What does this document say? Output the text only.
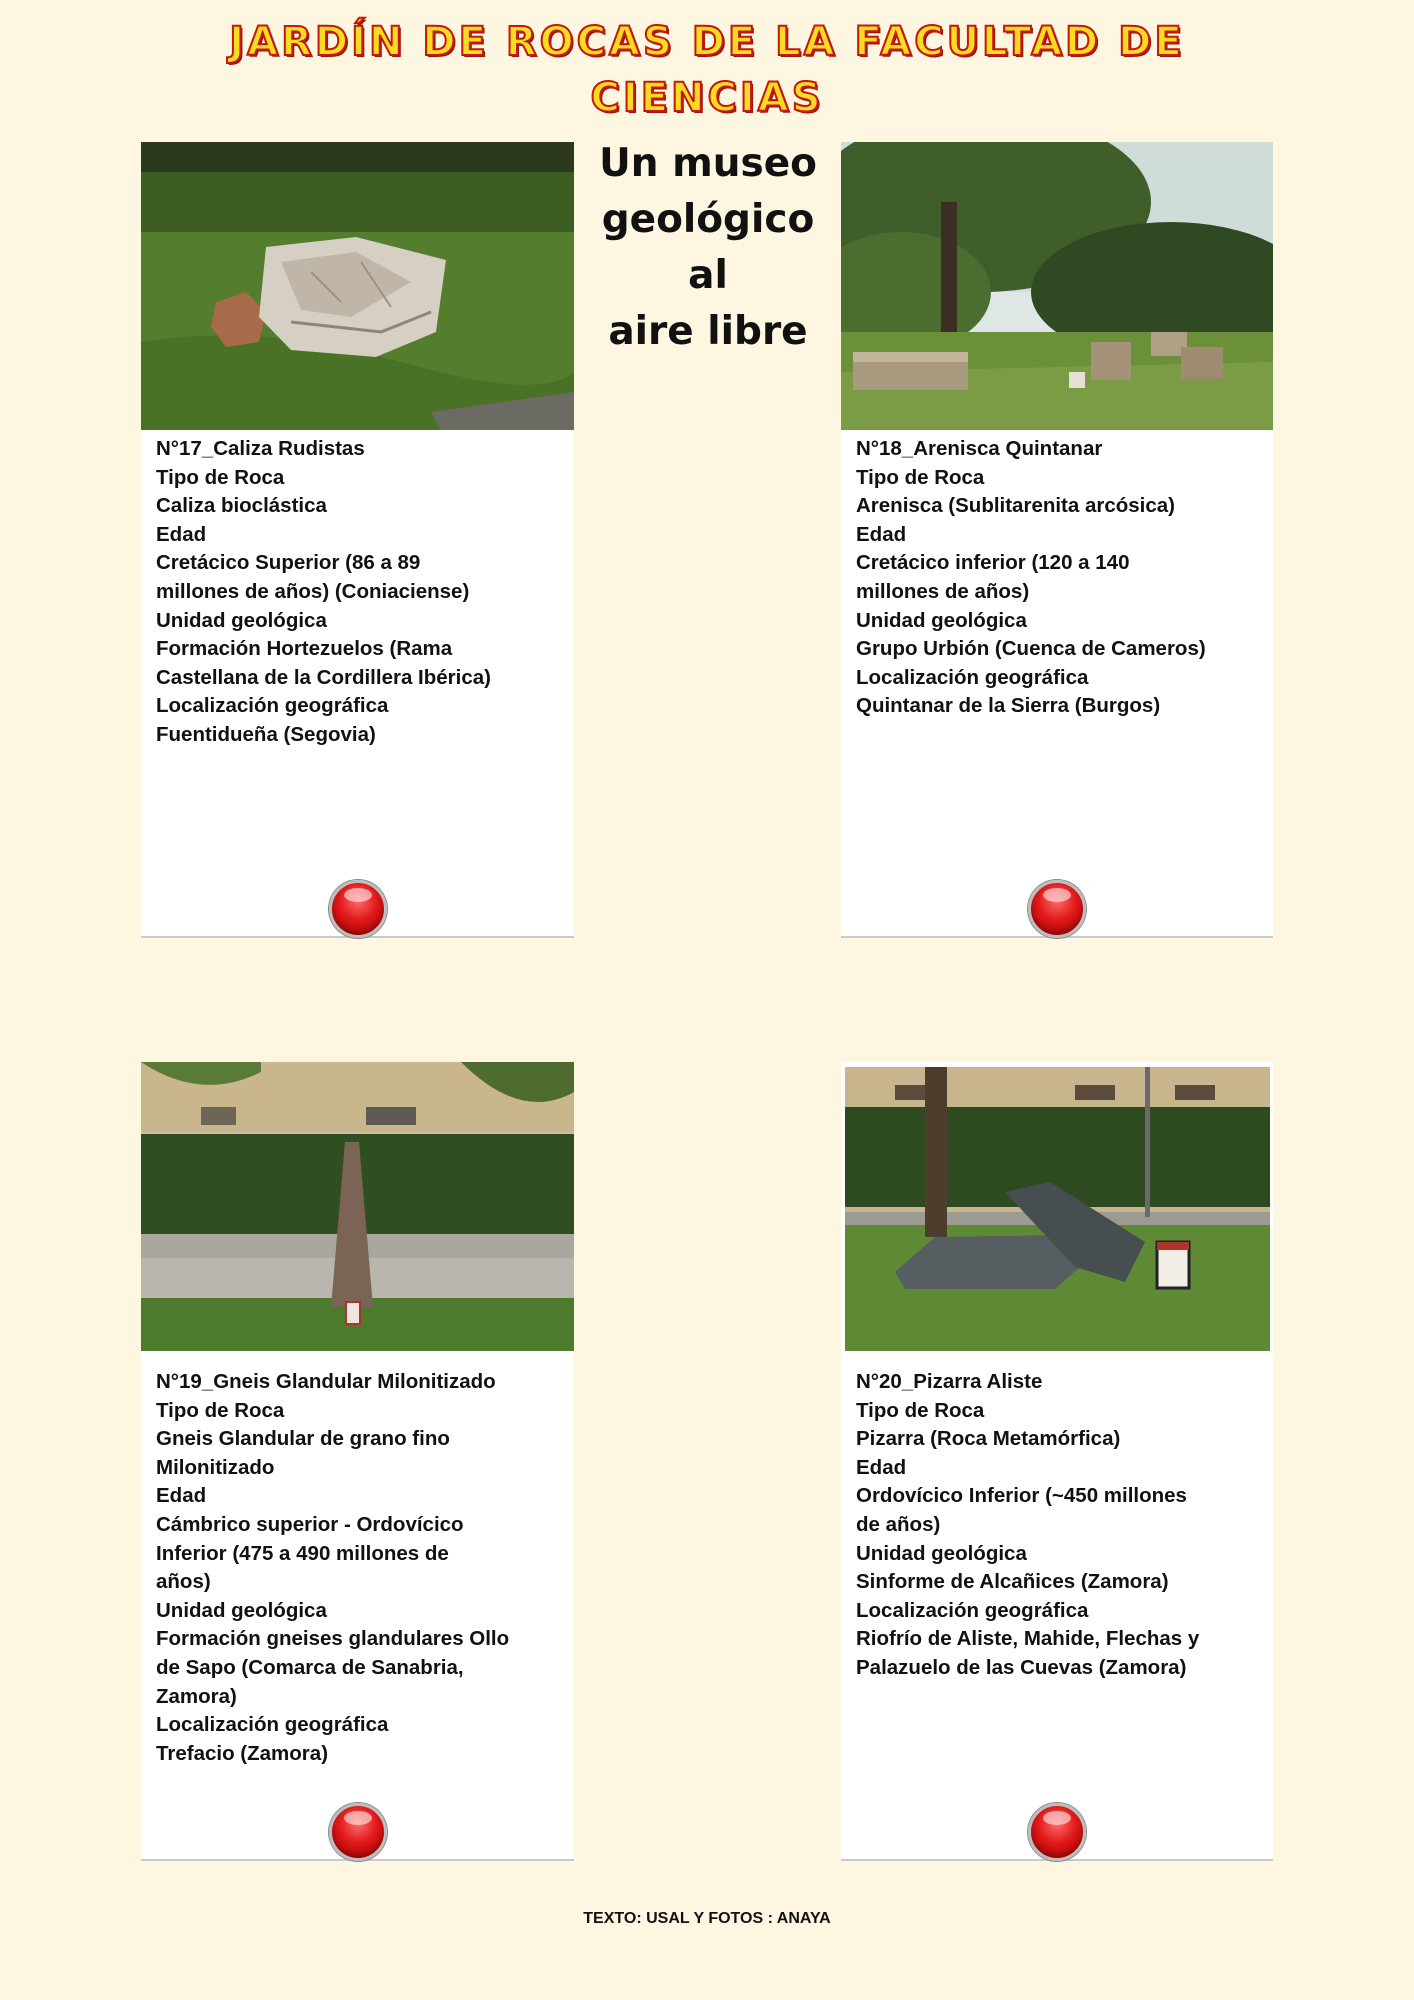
JARDÍN DE ROCAS DE LA FACULTAD DE
CIENCIAS
Un museo
geológico al
aire libre
N°17_Caliza Rudistas
Tipo de Roca
Caliza bioclástica
Edad
Cretácico Superior (86 a 89
millones de años) (Coniaciense)
Unidad geológica
Formación Hortezuelos (Rama
Castellana de la Cordillera Ibérica)
Localización geográfica
Fuentidueña (Segovia)
N°18_Arenisca Quintanar
Tipo de Roca
Arenisca (Sublitarenita arcósica)
Edad
Cretácico inferior (120 a 140
millones de años)
Unidad geológica
Grupo Urbión (Cuenca de Cameros)
Localización geográfica
Quintanar de la Sierra (Burgos)
N°19_Gneis Glandular Milonitizado
Tipo de Roca
Gneis Glandular de grano fino
Milonitizado
Edad
Cámbrico superior - Ordovícico
Inferior (475 a 490 millones de
años)
Unidad geológica
Formación gneises glandulares Ollo
de Sapo (Comarca de Sanabria,
Zamora)
Localización geográfica
Trefacio (Zamora)
N°20_Pizarra Aliste
Tipo de Roca
Pizarra (Roca Metamórfica)
Edad
Ordovícico Inferior (~450 millones
de años)
Unidad geológica
Sinforme de Alcañices (Zamora)
Localización geográfica
Riofrío de Aliste, Mahide, Flechas y
Palazuelo de las Cuevas (Zamora)
TEXTO: USAL Y FOTOS : ANAYA
